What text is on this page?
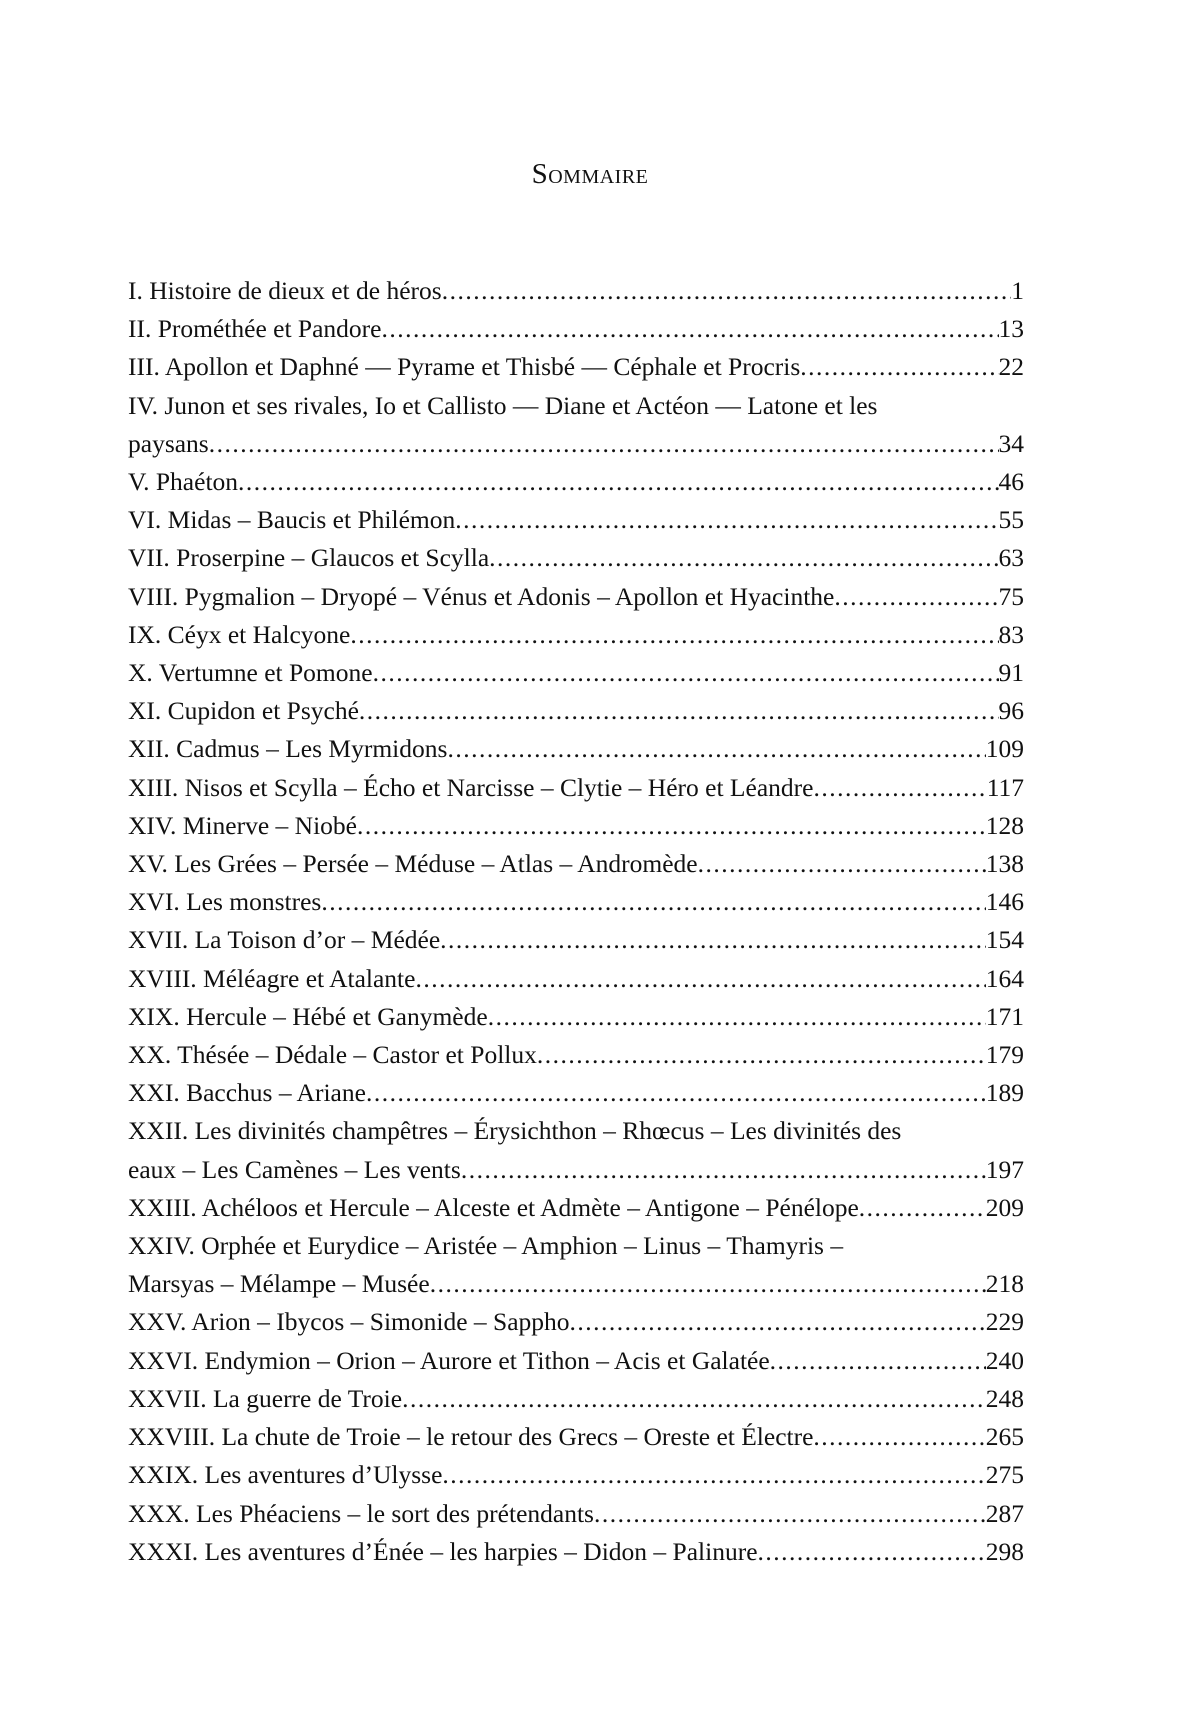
Sommaire
I. Histoire de dieux et de héros .....	1
II. Prométhée et Pandore .....	13
III. Apollon et Daphné — Pyrame et Thisbé — Céphale et Procris .....	22
IV. Junon et ses rivales, Io et Callisto — Diane et Actéon — Latone et les
paysans .....	34
V. Phaéton .....	46
VI. Midas – Baucis et Philémon .....	55
VII. Proserpine – Glaucos et Scylla .....	63
VIII. Pygmalion – Dryopé – Vénus et Adonis – Apollon et Hyacinthe .....	75
IX. Céyx et Halcyone .....	83
X. Vertumne et Pomone .....	91
XI. Cupidon et Psyché .....	96
XII. Cadmus – Les Myrmidons .....	109
XIII. Nisos et Scylla – Écho et Narcisse – Clytie – Héro et Léandre .....	117
XIV. Minerve – Niobé .....	128
XV. Les Grées – Persée – Méduse – Atlas – Andromède .....	138
XVI. Les monstres .....	146
XVII. La Toison d’or – Médée .....	154
XVIII. Méléagre et Atalante .....	164
XIX. Hercule – Hébé et Ganymède .....	171
XX. Thésée – Dédale – Castor et Pollux .....	179
XXI. Bacchus – Ariane .....	189
XXII. Les divinités champêtres – Érysichthon – Rhœcus – Les divinités des
eaux – Les Camènes – Les vents .....	197
XXIII. Achéloos et Hercule – Alceste et Admète – Antigone – Pénélope .....	209
XXIV. Orphée et Eurydice – Aristée – Amphion – Linus – Thamyris –
Marsyas – Mélampe – Musée .....	218
XXV. Arion – Ibycos – Simonide – Sappho .....	229
XXVI. Endymion – Orion – Aurore et Tithon – Acis et Galatée .....	240
XXVII. La guerre de Troie .....	248
XXVIII. La chute de Troie – le retour des Grecs – Oreste et Électre .....	265
XXIX. Les aventures d’Ulysse .....	275
XXX. Les Phéaciens – le sort des prétendants .....	287
XXXI. Les aventures d’Énée – les harpies – Didon – Palinure .....	298
